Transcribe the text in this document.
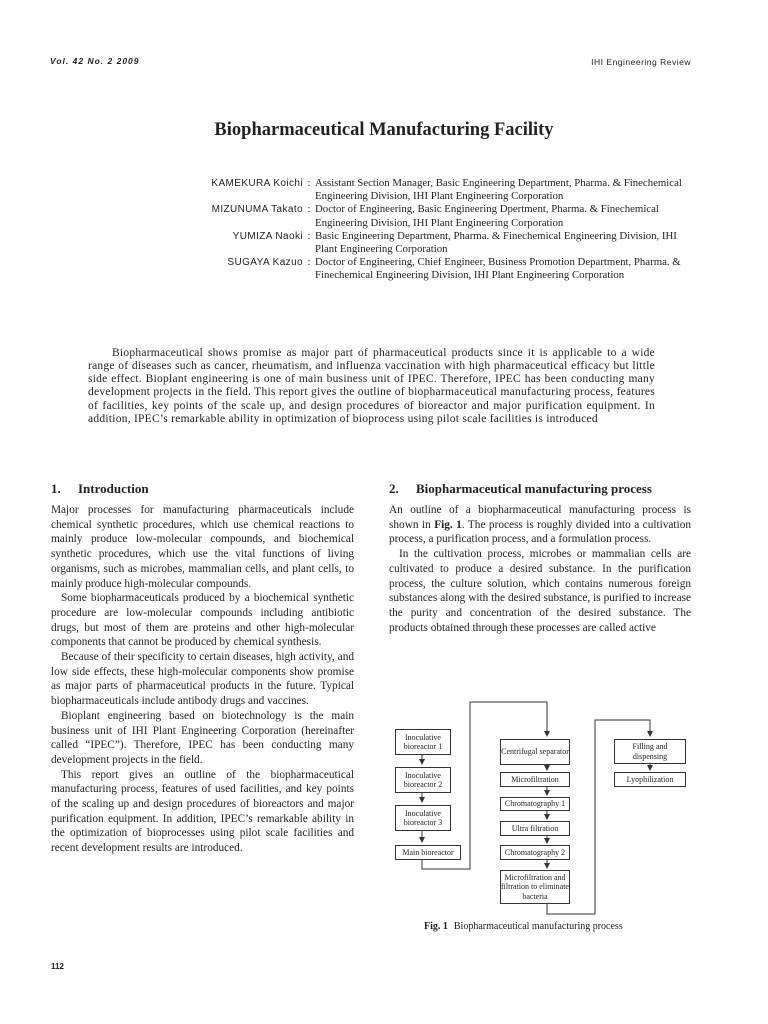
Vol. 42 No. 2 2009	IHI Engineering Review
Biopharmaceutical Manufacturing Facility
KAMEKURA Koichi : Assistant Section Manager, Basic Engineering Department, Pharma. & Finechemical Engineering Division, IHI Plant Engineering Corporation
MIZUNUMA Takato : Doctor of Engineering, Basic Engineering Dpertment, Pharma. & Finechemical Engineering Division, IHI Plant Engineering Corporation
YUMIZA Naoki : Basic Engineering Department, Pharma. & Finechemical Engineering Division, IHI Plant Engineering Corporation
SUGAYA Kazuo : Doctor of Engineering, Chief Engineer, Business Promotion Department, Pharma. & Finechemical Engineering Division, IHI Plant Engineering Corporation

Biopharmaceutical shows promise as major part of pharmaceutical products since it is applicable to a wide range of diseases such as cancer, rheumatism, and influenza vaccination with high pharmaceutical efficacy but little side effect. Bioplant engineering is one of main business unit of IPEC. Therefore, IPEC has been conducting many development projects in the field. This report gives the outline of biopharmaceutical manufacturing process, features of facilities, key points of the scale up, and design procedures of bioreactor and major purification equipment. In addition, IPEC’s remarkable ability in optimization of bioprocess using pilot scale facilities is introduced

1.	Introduction

Major processes for manufacturing pharmaceuticals include chemical synthetic procedures, which use chemical reactions to mainly produce low-molecular compounds, and biochemical synthetic procedures, which use the vital functions of living organisms, such as microbes, mammalian cells, and plant cells, to mainly produce high-molecular compounds.

Some biopharmaceuticals produced by a biochemical synthetic procedure are low-molecular compounds including antibiotic drugs, but most of them are proteins and other high-molecular components that cannot be produced by chemical synthesis.

Because of their specificity to certain diseases, high activity, and low side effects, these high-molecular components show promise as major parts of pharmaceutical products in the future. Typical biopharmaceuticals include antibody drugs and vaccines.

Bioplant engineering based on biotechnology is the main business unit of IHI Plant Engineering Corporation (hereinafter called “IPEC”). Therefore, IPEC has been conducting many development projects in the field.

This report gives an outline of the biopharmaceutical manufacturing process, features of used facilities, and key points of the scaling up and design procedures of bioreactors and major purification equipment. In addition, IPEC’s remarkable ability in the optimization of bioprocesses using pilot scale facilities and recent development results are introduced.

2.	Biopharmaceutical manufacturing process

An outline of a biopharmaceutical manufacturing process is shown in Fig. 1. The process is roughly divided into a cultivation process, a purification process, and a formulation process.

In the cultivation process, microbes or mammalian cells are cultivated to produce a desired substance. In the purification process, the culture solution, which contains numerous foreign substances along with the desired substance, is purified to increase the purity and concentration of the desired substance. The products obtained through these processes are called active

Inoculative bioreactor 1
Inoculative bioreactor 2
Inoculative bioreactor 3
Main bioreactor
Centrifugal separator
Microfiltration
Chromatography 1
Ultra filtration
Chromatography 2
Microfiltration and filtration to eliminate bacteria
Filling and dispensing
Lyophilization
Fig. 1 Biopharmaceutical manufacturing process
112
